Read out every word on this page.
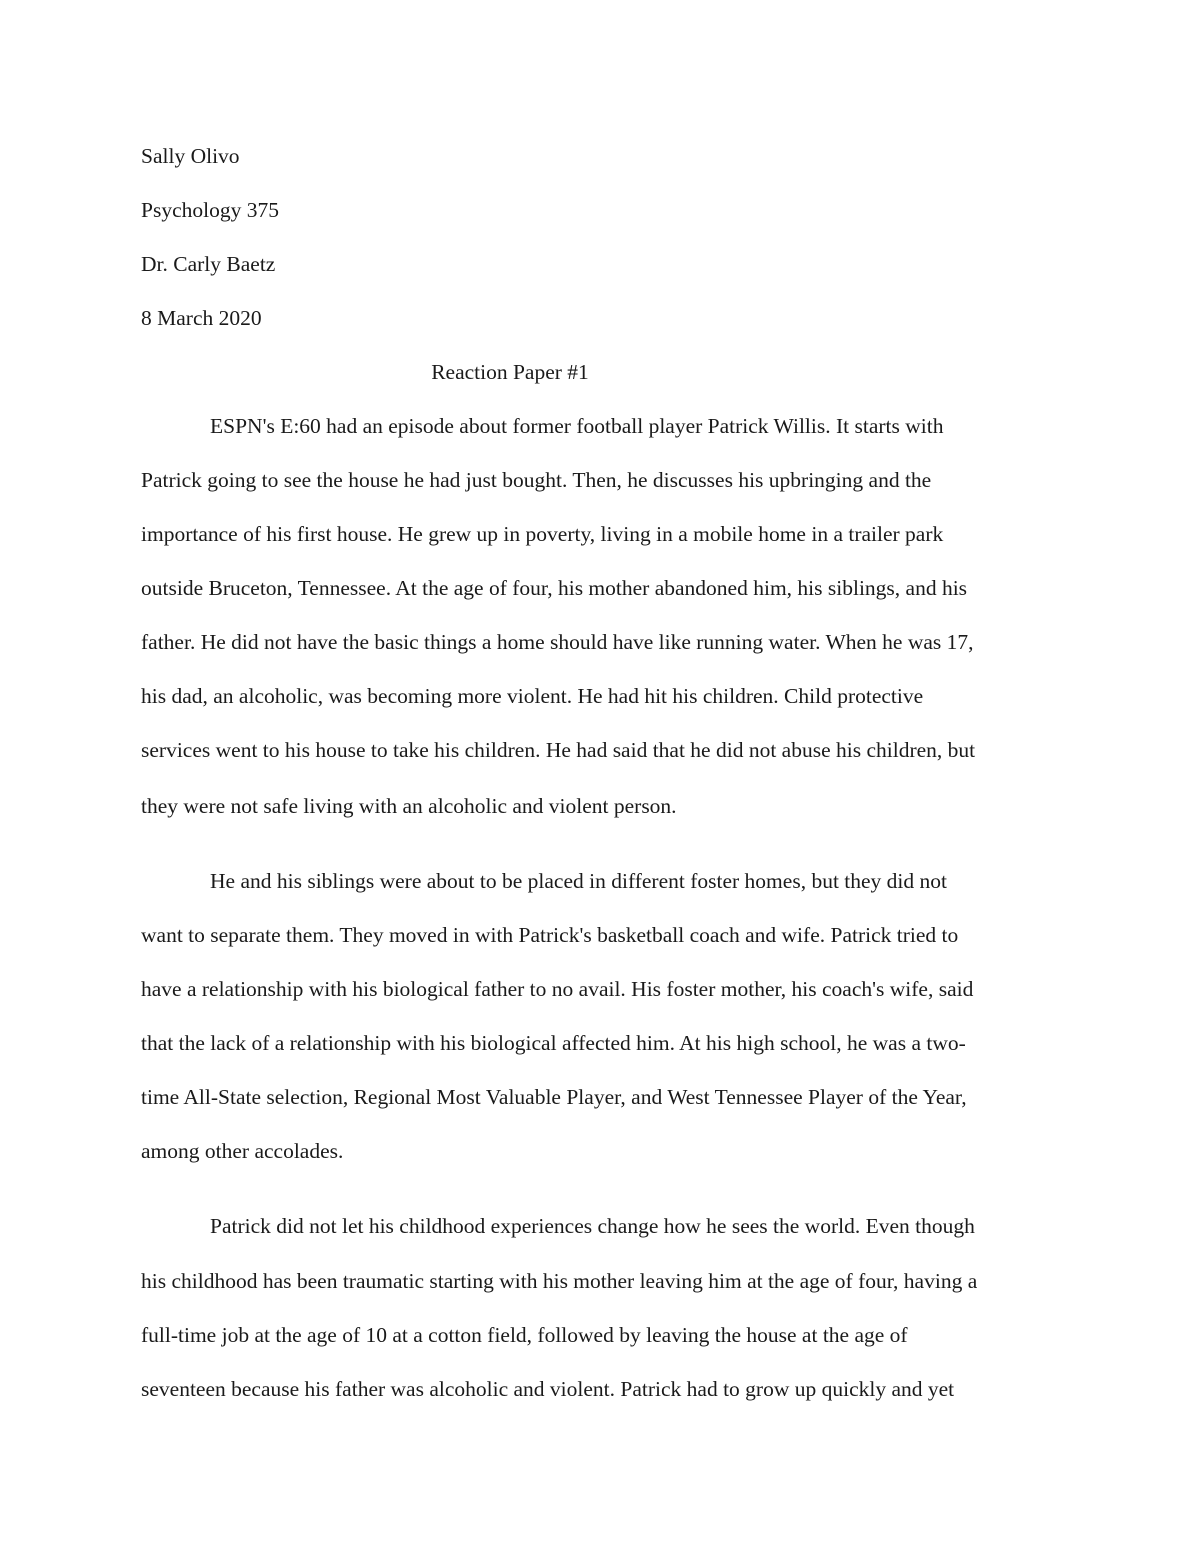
Sally Olivo
Psychology 375
Dr. Carly Baetz
8 March 2020
Reaction Paper #1
ESPN's E:60 had an episode about former football player Patrick Willis. It starts with
Patrick going to see the house he had just bought. Then, he discusses his upbringing and the
importance of his first house. He grew up in poverty, living in a mobile home in a trailer park
outside Bruceton, Tennessee. At the age of four, his mother abandoned him, his siblings, and his
father. He did not have the basic things a home should have like running water. When he was 17,
his dad, an alcoholic, was becoming more violent. He had hit his children. Child protective
services went to his house to take his children. He had said that he did not abuse his children, but
they were not safe living with an alcoholic and violent person.
He and his siblings were about to be placed in different foster homes, but they did not
want to separate them. They moved in with Patrick's basketball coach and wife. Patrick tried to
have a relationship with his biological father to no avail. His foster mother, his coach's wife, said
that the lack of a relationship with his biological affected him. At his high school, he was a two-
time All-State selection, Regional Most Valuable Player, and West Tennessee Player of the Year,
among other accolades.
Patrick did not let his childhood experiences change how he sees the world. Even though
his childhood has been traumatic starting with his mother leaving him at the age of four, having a
full-time job at the age of 10 at a cotton field, followed by leaving the house at the age of
seventeen because his father was alcoholic and violent. Patrick had to grow up quickly and yet
